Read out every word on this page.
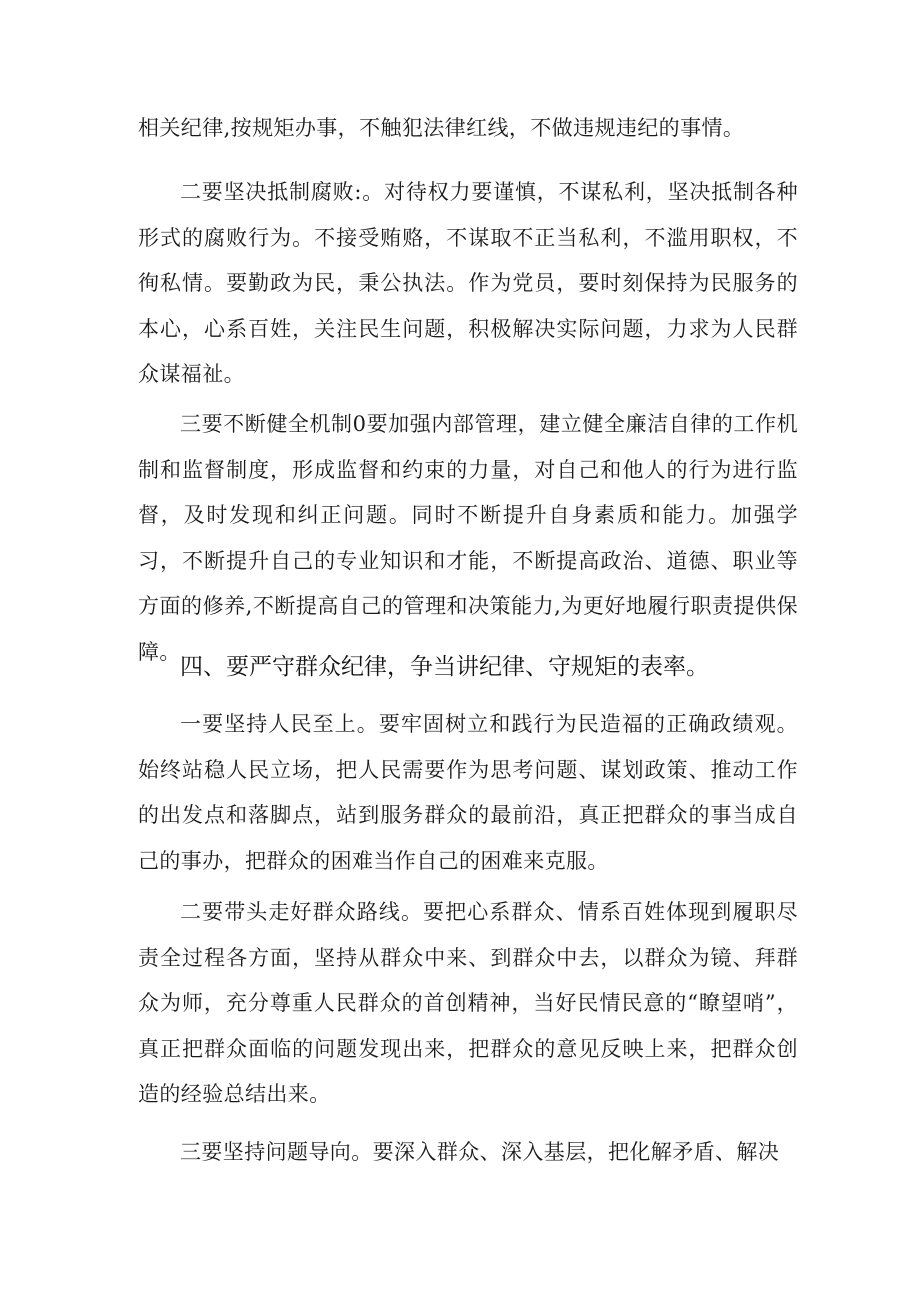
相关纪律,按规矩办事，不触犯法律红线，不做违规违纪的事情。

二要坚决抵制腐败:。对待权力要谨慎，不谋私利，坚决抵制各种形式的腐败行为。不接受贿赂，不谋取不正当私利，不滥用职权，不徇私情。要勤政为民，秉公执法。作为党员，要时刻保持为民服务的本心，心系百姓，关注民生问题，积极解决实际问题，力求为人民群众谋福祉。

三要不断健全机制0要加强内部管理，建立健全廉洁自律的工作机制和监督制度，形成监督和约束的力量，对自己和他人的行为进行监督，及时发现和纠正问题。同时不断提升自身素质和能力。加强学习，不断提升自己的专业知识和才能，不断提高政治、道德、职业等方面的修养,不断提高自己的管理和决策能力,为更好地履行职责提供保障。

四、要严守群众纪律，争当讲纪律、守规矩的表率。

一要坚持人民至上。要牢固树立和践行为民造福的正确政绩观。始终站稳人民立场，把人民需要作为思考问题、谋划政策、推动工作的出发点和落脚点，站到服务群众的最前沿，真正把群众的事当成自己的事办，把群众的困难当作自己的困难来克服。

二要带头走好群众路线。要把心系群众、情系百姓体现到履职尽责全过程各方面，坚持从群众中来、到群众中去，以群众为镜、拜群众为师，充分尊重人民群众的首创精神，当好民情民意的“瞭望哨”，真正把群众面临的问题发现出来，把群众的意见反映上来，把群众创造的经验总结出来。

三要坚持问题导向。要深入群众、深入基层，把化解矛盾、解决
